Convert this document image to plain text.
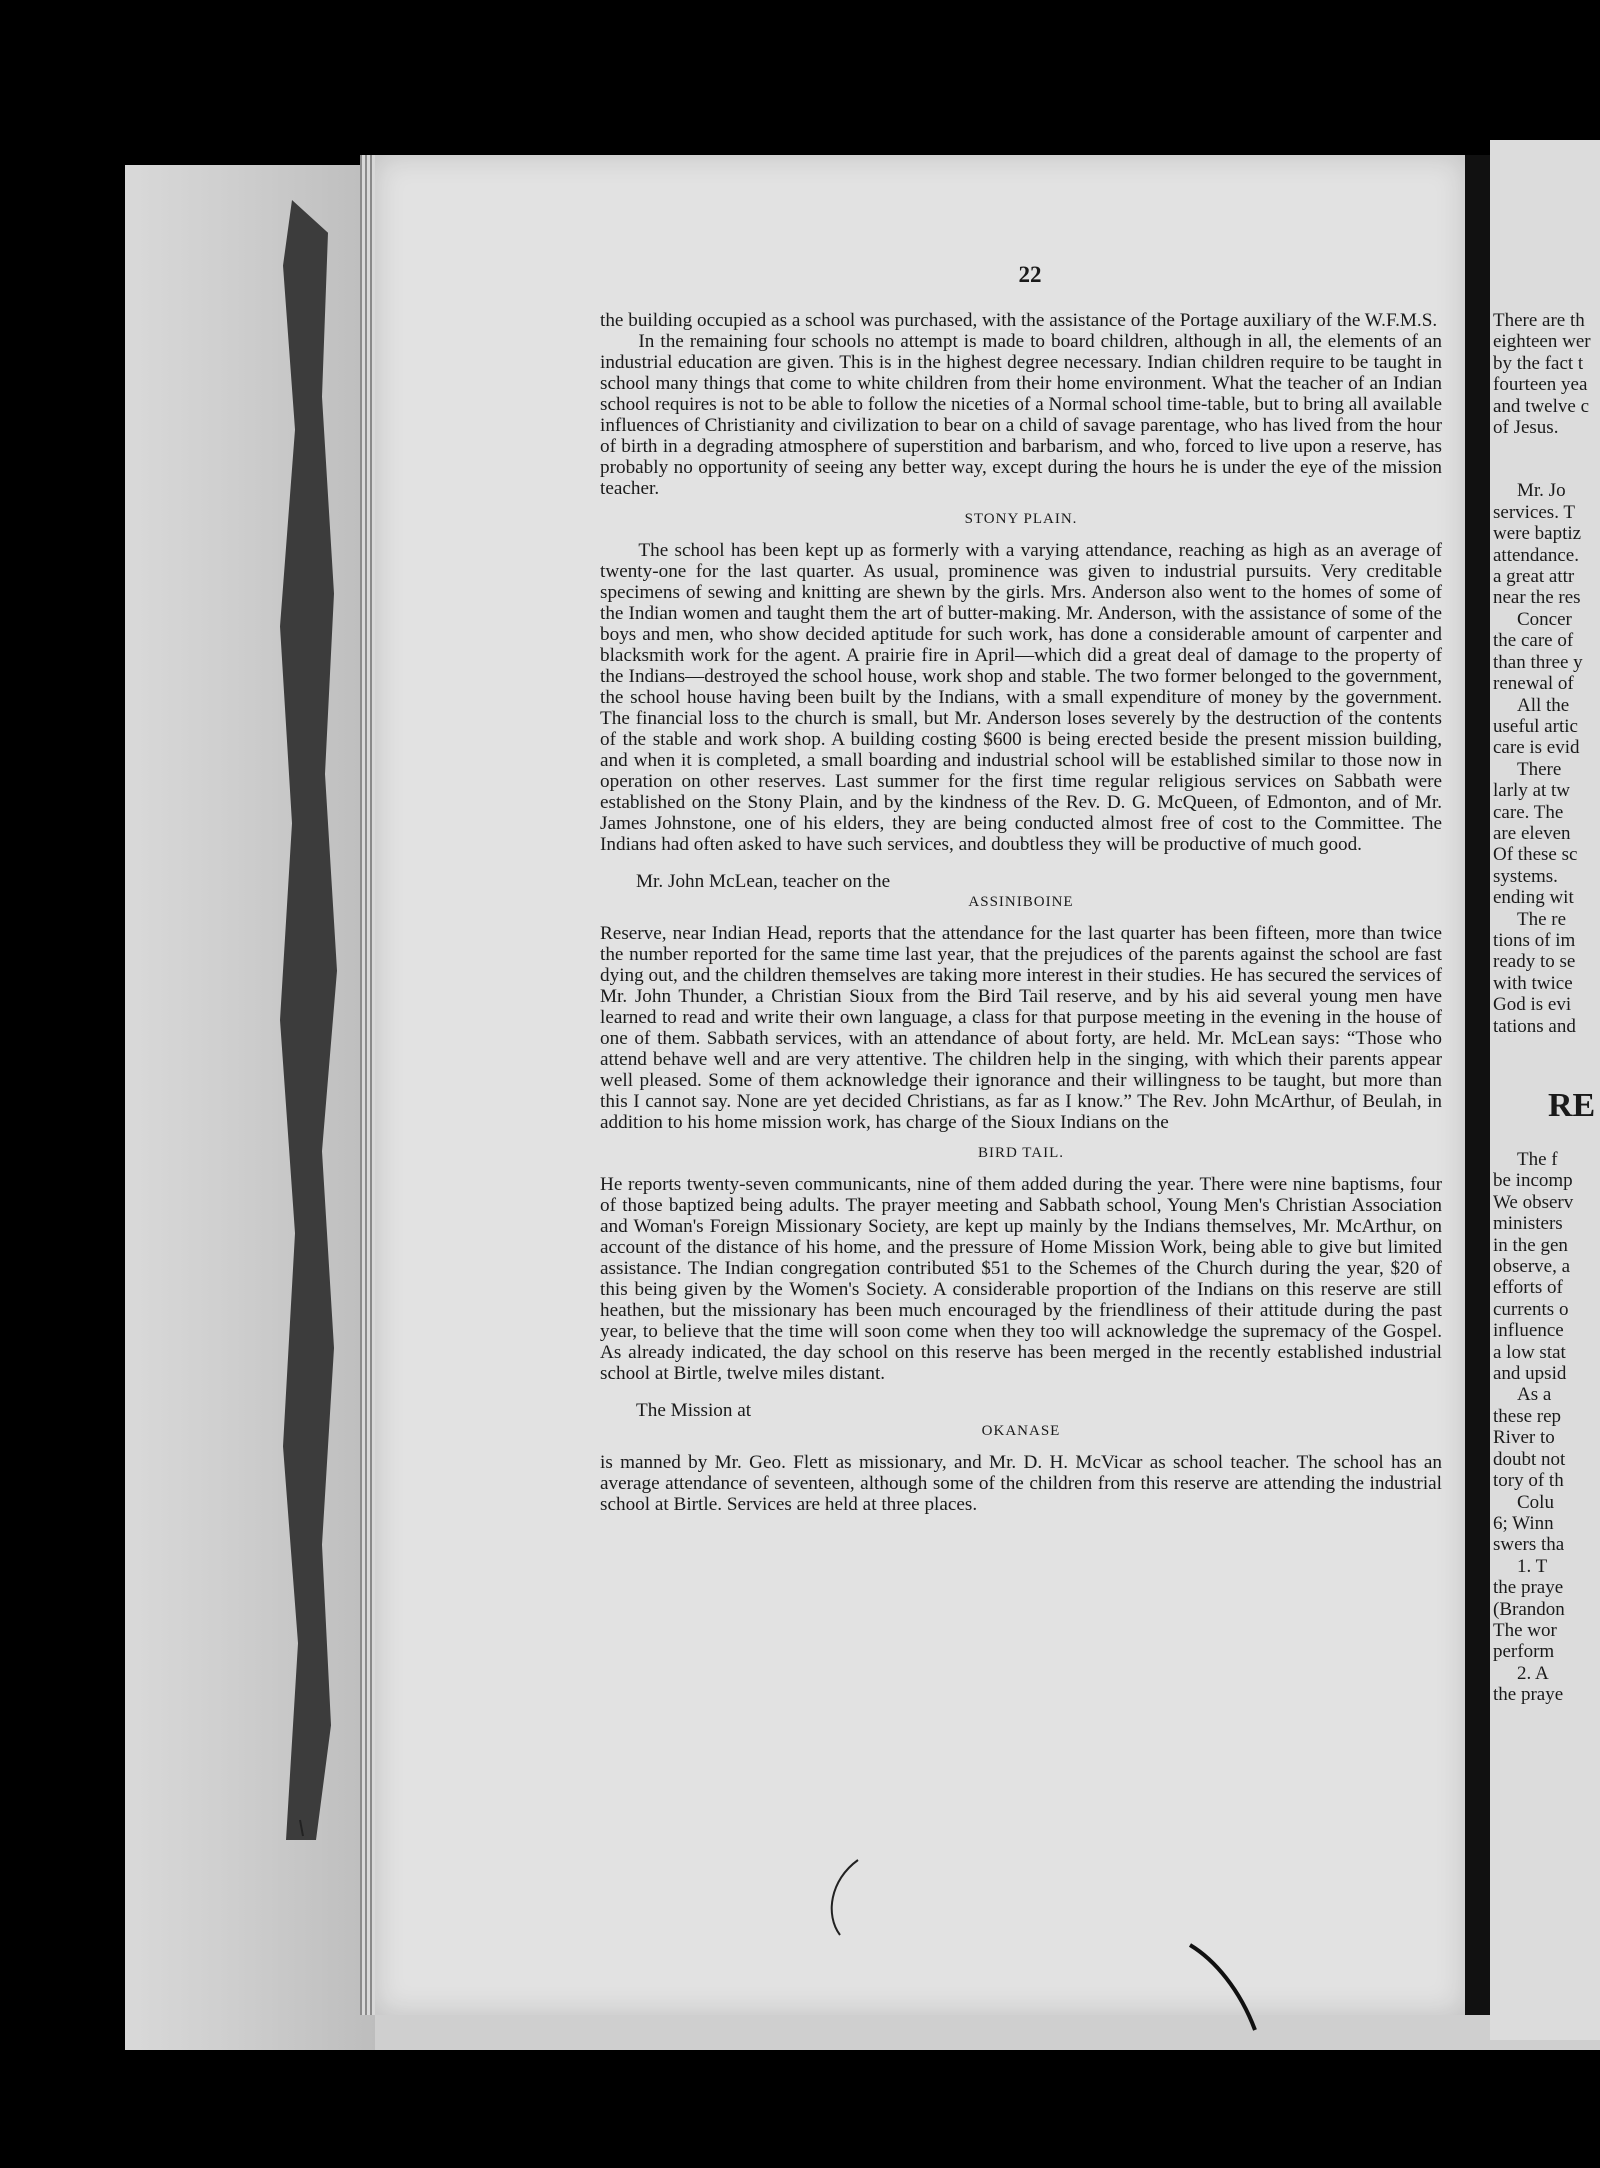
22

the building occupied as a school was purchased, with the assistance of the Portage auxiliary of the W.F.M.S.

In the remaining four schools no attempt is made to board children, although in all, the elements of an industrial education are given. This is in the highest degree necessary. Indian children require to be taught in school many things that come to white children from their home environment. What the teacher of an Indian school requires is not to be able to follow the niceties of a Normal school time-table, but to bring all available influences of Christianity and civilization to bear on a child of savage parentage, who has lived from the hour of birth in a degrading atmosphere of superstition and barbarism, and who, forced to live upon a reserve, has probably no opportunity of seeing any better way, except during the hours he is under the eye of the mission teacher.

STONY PLAIN.

The school has been kept up as formerly with a varying attendance, reaching as high as an average of twenty-one for the last quarter. As usual, prominence was given to industrial pursuits. Very creditable specimens of sewing and knitting are shewn by the girls. Mrs. Anderson also went to the homes of some of the Indian women and taught them the art of butter-making. Mr. Anderson, with the assistance of some of the boys and men, who show decided aptitude for such work, has done a considerable amount of carpenter and blacksmith work for the agent. A prairie fire in April—which did a great deal of damage to the property of the Indians—destroyed the school house, work shop and stable. The two former belonged to the government, the school house having been built by the Indians, with a small expenditure of money by the government. The financial loss to the church is small, but Mr. Anderson loses severely by the destruction of the contents of the stable and work shop. A building costing $600 is being erected beside the present mission building, and when it is completed, a small boarding and industrial school will be established similar to those now in operation on other reserves. Last summer for the first time regular religious services on Sabbath were established on the Stony Plain, and by the kindness of the Rev. D. G. McQueen, of Edmonton, and of Mr. James Johnstone, one of his elders, they are being conducted almost free of cost to the Committee. The Indians had often asked to have such services, and doubtless they will be productive of much good.

Mr. John McLean, teacher on the

ASSINIBOINE

Reserve, near Indian Head, reports that the attendance for the last quarter has been fifteen, more than twice the number reported for the same time last year, that the prejudices of the parents against the school are fast dying out, and the children themselves are taking more interest in their studies. He has secured the services of Mr. John Thunder, a Christian Sioux from the Bird Tail reserve, and by his aid several young men have learned to read and write their own language, a class for that purpose meeting in the evening in the house of one of them. Sabbath services, with an attendance of about forty, are held. Mr. McLean says: “Those who attend behave well and are very attentive. The children help in the singing, with which their parents appear well pleased. Some of them acknowledge their ignorance and their willingness to be taught, but more than this I cannot say. None are yet decided Christians, as far as I know.” The Rev. John McArthur, of Beulah, in addition to his home mission work, has charge of the Sioux Indians on the

BIRD TAIL.

He reports twenty-seven communicants, nine of them added during the year. There were nine baptisms, four of those baptized being adults. The prayer meeting and Sabbath school, Young Men's Christian Association and Woman's Foreign Missionary Society, are kept up mainly by the Indians themselves, Mr. McArthur, on account of the distance of his home, and the pressure of Home Mission Work, being able to give but limited assistance. The Indian congregation contributed $51 to the Schemes of the Church during the year, $20 of this being given by the Women's Society. A considerable proportion of the Indians on this reserve are still heathen, but the missionary has been much encouraged by the friendliness of their attitude during the past year, to believe that the time will soon come when they too will acknowledge the supremacy of the Gospel. As already indicated, the day school on this reserve has been merged in the recently established industrial school at Birtle, twelve miles distant.

The Mission at

OKANASE

is manned by Mr. Geo. Flett as missionary, and Mr. D. H. McVicar as school teacher. The school has an average attendance of seventeen, although some of the children from this reserve are attending the industrial school at Birtle. Services are held at three places.

There are th
eighteen wer
by the fact t
fourteen yea
and twelve c
of Jesus.
Mr. Jo
services. T
were baptiz
attendance.
a great attr
near the res
Concer
the care of
than three y
renewal of
All the
useful artic
care is evid
There
larly at tw
care. The
are eleven
Of these sc
systems.
ending wit
The re
tions of im
ready to se
with twice
God is evi
tations and
RE
The f
be incomp
We observ
ministers
in the gen
observe, a
efforts of
currents o
influence
a low stat
and upsid
As a
these rep
River to
doubt not
tory of th
Colu
6; Winn
swers tha
1. T
the praye
(Brandon
The wor
perform
2. A
the praye
